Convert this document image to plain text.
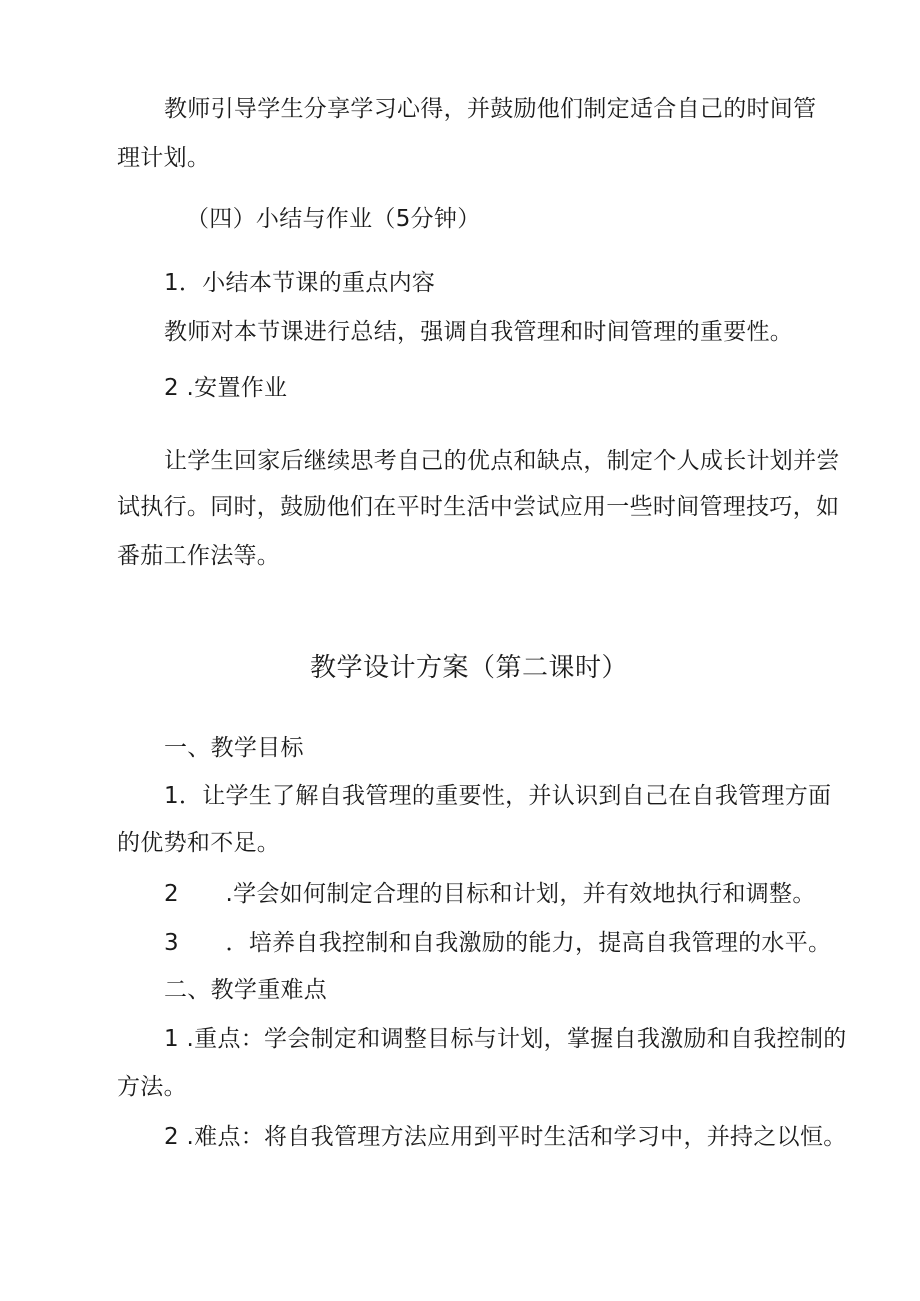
教师引导学生分享学习心得，并鼓励他们制定适合自己的时间管
理计划。
（四）小结与作业（5分钟）
1．小结本节课的重点内容
教师对本节课进行总结，强调自我管理和时间管理的重要性。
2 .安置作业
让学生回家后继续思考自己的优点和缺点，制定个人成长计划并尝
试执行。同时，鼓励他们在平时生活中尝试应用一些时间管理技巧，如
番茄工作法等。
教学设计方案（第二课时）
一、教学目标
1．让学生了解自我管理的重要性，并认识到自己在自我管理方面
的优势和不足。
2　　.学会如何制定合理的目标和计划，并有效地执行和调整。
3　　．培养自我控制和自我激励的能力，提高自我管理的水平。
二、教学重难点
1 .重点：学会制定和调整目标与计划，掌握自我激励和自我控制的
方法。
2 .难点：将自我管理方法应用到平时生活和学习中，并持之以恒。
